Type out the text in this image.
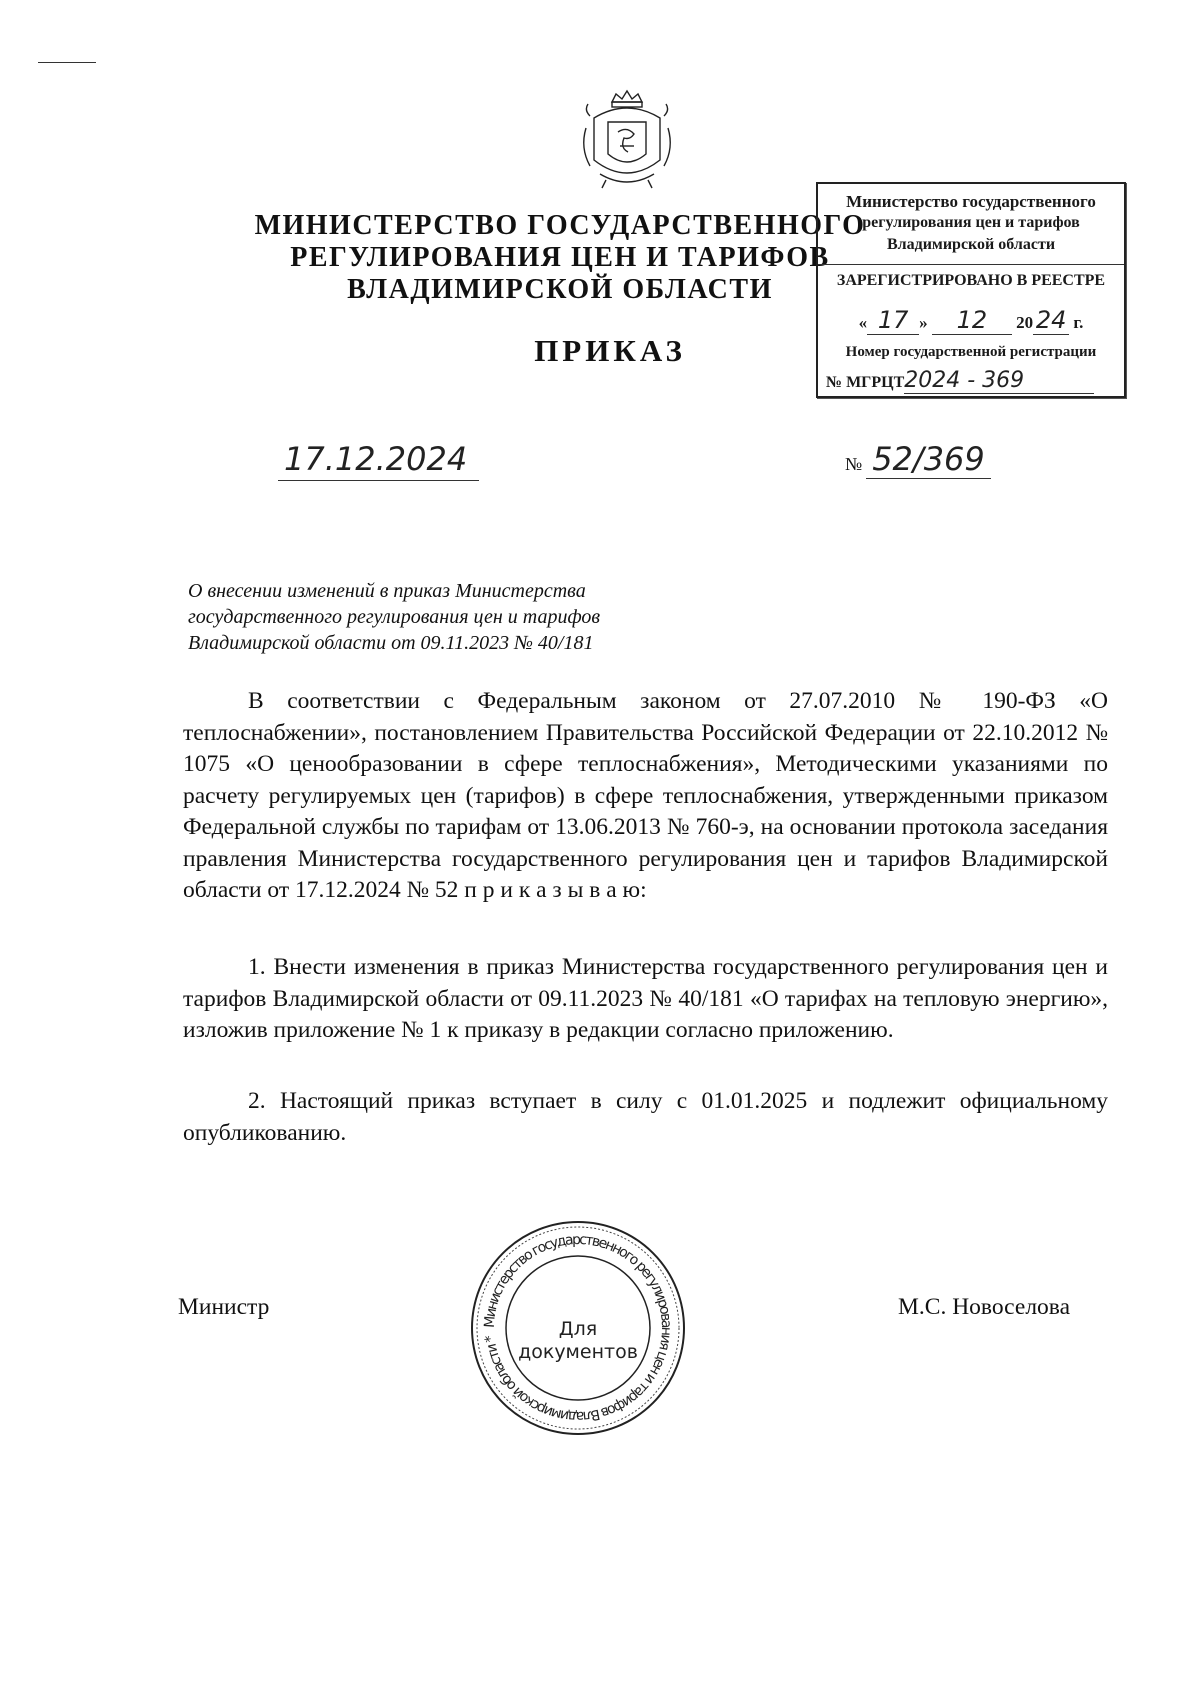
МИНИСТЕРСТВО ГОСУДАРСТВЕННОГО
РЕГУЛИРОВАНИЯ ЦЕН И ТАРИФОВ
ВЛАДИМИРСКОЙ ОБЛАСТИ
ПРИКАЗ
Министерство государственного
регулирования цен и тарифов
Владимирской области
ЗАРЕГИСТРИРОВАНО В РЕЕСТРЕ
« 17 » 12 20 24 г.
Номер государственной регистрации
№ МГРЦТ2024 - 369
17.12.2024	№ 52/369
О внесении изменений в приказ Министерства
государственного регулирования цен и тарифов
Владимирской области от 09.11.2023 № 40/181

В соответствии с Федеральным законом от 27.07.2010 № 190-ФЗ «О теплоснабжении», постановлением Правительства Российской Федерации от 22.10.2012 № 1075 «О ценообразовании в сфере теплоснабжения», Методическими указаниями по расчету регулируемых цен (тарифов) в сфере теплоснабжения, утвержденными приказом Федеральной службы по тарифам от 13.06.2013 № 760-э, на основании протокола заседания правления Министерства государственного регулирования цен и тарифов Владимирской области от 17.12.2024 № 52 п р и к а з ы в а ю:

1. Внести изменения в приказ Министерства государственного регулирования цен и тарифов Владимирской области от 09.11.2023 № 40/181 «О тарифах на тепловую энергию», изложив приложение № 1 к приказу в редакции согласно приложению.

2. Настоящий приказ вступает в силу с 01.01.2025 и подлежит официальному опубликованию.

Министр	М.С. Новоселова
Министерство государственного регулирования цен и тарифов Владимирской области *	Для
документов
